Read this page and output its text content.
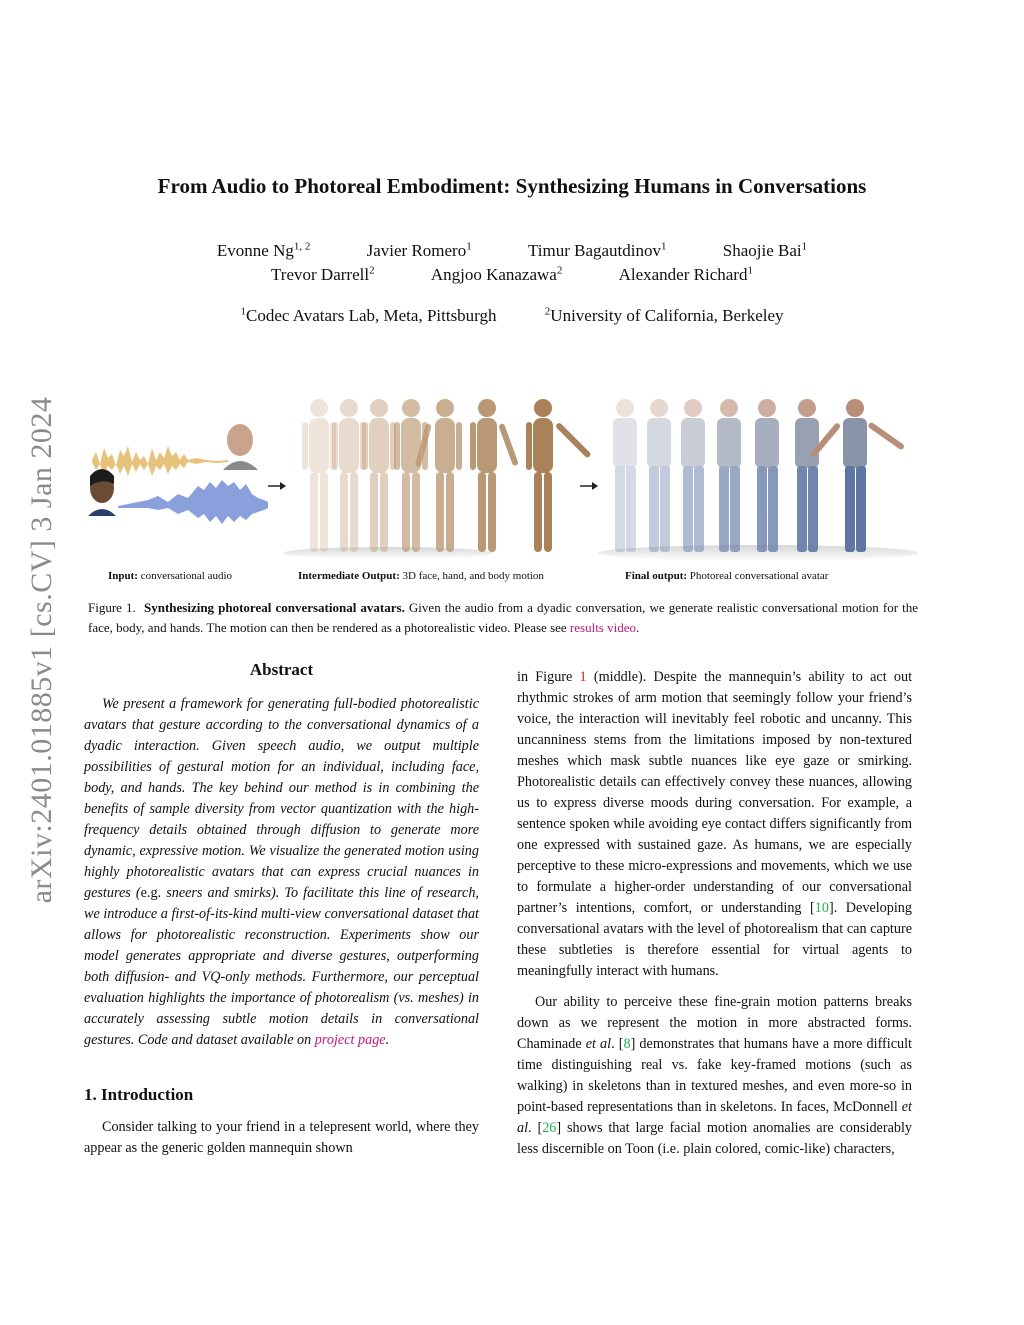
arXiv:2401.01885v1 [cs.CV] 3 Jan 2024
From Audio to Photoreal Embodiment: Synthesizing Humans in Conversations
Evonne Ng$^{1, 2}$	Javier Romero$^1$	Timur Bagautdinov$^1$	Shaojie Bai$^1$
Trevor Darrell$^2$	Angjoo Kanazawa$^2$	Alexander Richard$^1$
$^1$Codec Avatars Lab, Meta, Pittsburgh	$^2$University of California, Berkeley
Input: conversational audio	Intermediate Output: 3D face, hand, and body motion	Final output: Photoreal conversational avatar
Figure 1. Synthesizing photoreal conversational avatars. Given the audio from a dyadic conversation, we generate realistic conversational motion for the face, body, and hands. The motion can then be rendered as a photorealistic video. Please see results video.
Abstract

We present a framework for generating full-bodied photorealistic avatars that gesture according to the conversational dynamics of a dyadic interaction. Given speech audio, we output multiple possibilities of gestural motion for an individual, including face, body, and hands. The key behind our method is in combining the benefits of sample diversity from vector quantization with the high-frequency details obtained through diffusion to generate more dynamic, expressive motion. We visualize the generated motion using highly photorealistic avatars that can express crucial nuances in gestures (e.g. sneers and smirks). To facilitate this line of research, we introduce a first-of-its-kind multi-view conversational dataset that allows for photorealistic reconstruction. Experiments show our model generates appropriate and diverse gestures, outperforming both diffusion- and VQ-only methods. Furthermore, our perceptual evaluation highlights the importance of photorealism (vs. meshes) in accurately assessing subtle motion details in conversational gestures. Code and dataset available on project page.

1. Introduction

Consider talking to your friend in a telepresent world, where they appear as the generic golden mannequin shown

in Figure 1 (middle). Despite the mannequin’s ability to act out rhythmic strokes of arm motion that seemingly follow your friend’s voice, the interaction will inevitably feel robotic and uncanny. This uncanniness stems from the limitations imposed by non-textured meshes which mask subtle nuances like eye gaze or smirking. Photorealistic details can effectively convey these nuances, allowing us to express diverse moods during conversation. For example, a sentence spoken while avoiding eye contact differs significantly from one expressed with sustained gaze. As humans, we are especially perceptive to these micro-expressions and movements, which we use to formulate a higher-order understanding of our conversational partner’s intentions, comfort, or understanding [10]. Developing conversational avatars with the level of photorealism that can capture these subtleties is therefore essential for virtual agents to meaningfully interact with humans.

Our ability to perceive these fine-grain motion patterns breaks down as we represent the motion in more abstracted forms. Chaminade et al. [8] demonstrates that humans have a more difficult time distinguishing real vs. fake key-framed motions (such as walking) in skeletons than in textured meshes, and even more-so in point-based representations than in skeletons. In faces, McDonnell et al. [26] shows that large facial motion anomalies are considerably less discernible on Toon (i.e. plain colored, comic-like) characters,
